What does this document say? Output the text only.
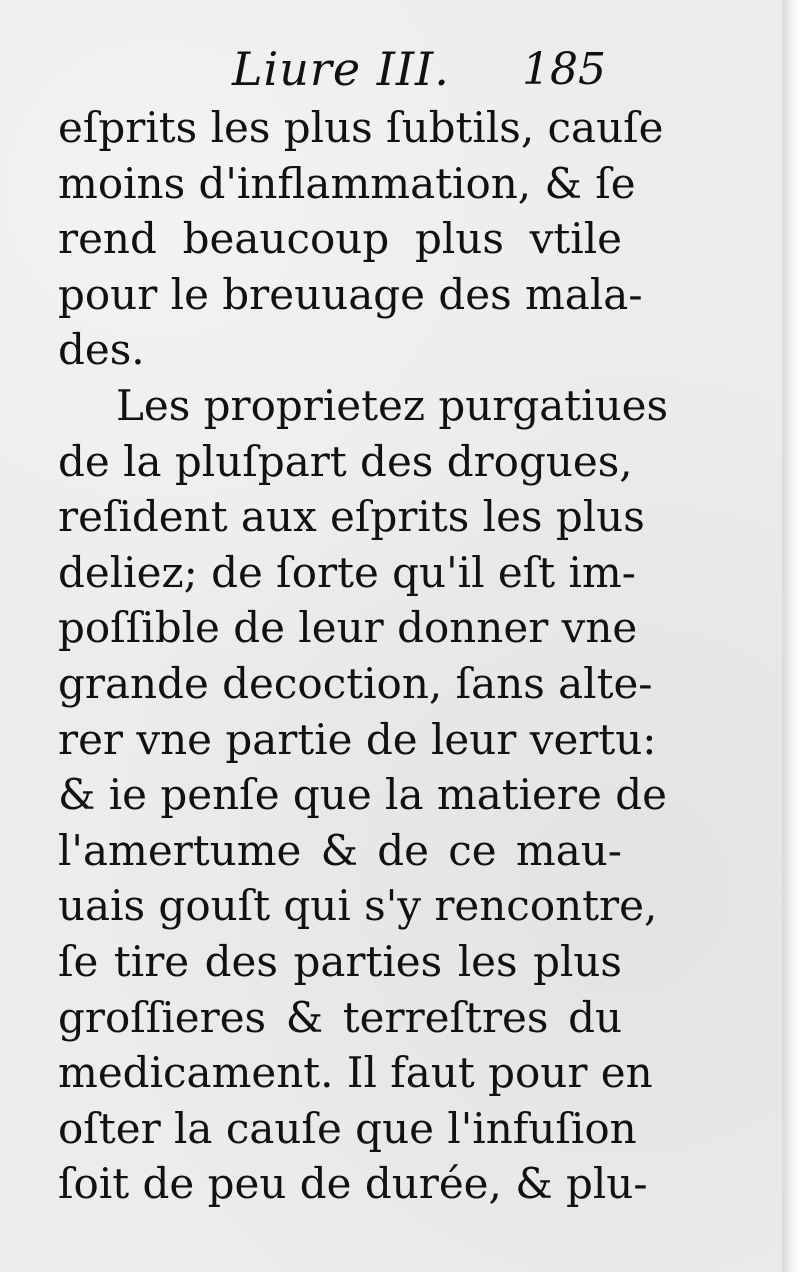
Liure III. 185
eſprits les plus ſubtils, cauſe
moins d'inflammation, & ſe
rend beaucoup plus vtile
pour le breuuage des mala-
des.
Les proprietez purgatiues
de la pluſpart des drogues,
reſident aux eſprits les plus
deliez; de ſorte qu'il eſt im-
poſſible de leur donner vne
grande decoction, ſans alte-
rer vne partie de leur vertu:
& ie penſe que la matiere de
l'amertume & de ce mau-
uais gouſt qui s'y rencontre,
ſe tire des parties les plus
groſſieres & terreſtres du
medicament. Il faut pour en
oſter la cauſe que l'infuſion
ſoit de peu de durée, & plu-
